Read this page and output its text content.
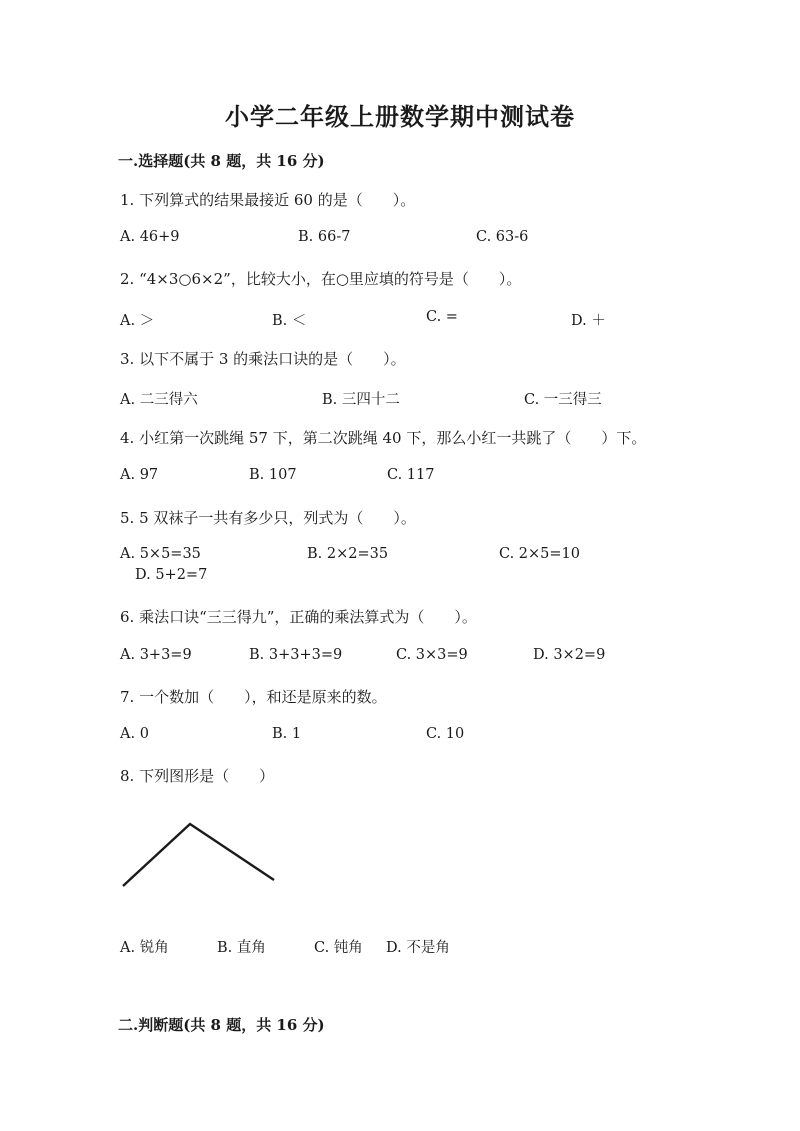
小学二年级上册数学期中测试卷
一.选择题(共 8 题，共 16 分)
1. 下列算式的结果最接近 60 的是（　　）。
A. 46+9	B. 66-7	C. 63-6
2. “4×3○6×2”，比较大小，在○里应填的符号是（　　）。
A. ＞	B. ＜	C. =	D. ＋
3. 以下不属于 3 的乘法口诀的是（　　）。
A. 二三得六	B. 三四十二	C. 一三得三
4. 小红第一次跳绳 57 下，第二次跳绳 40 下，那么小红一共跳了（　　）下。
A. 97	B. 107	C. 117
5. 5 双袜子一共有多少只，列式为（　　）。
A. 5×5=35	B. 2×2=35	C. 2×5=10
D. 5+2=7
6. 乘法口诀“三三得九”，正确的乘法算式为（　　）。
A. 3+3=9	B. 3+3+3=9	C. 3×3=9	D. 3×2=9
7. 一个数加（　　），和还是原来的数。
A. 0	B. 1	C. 10
8. 下列图形是（　　）
A. 锐角	B. 直角	C. 钝角 D. 不是角
二.判断题(共 8 题，共 16 分)
